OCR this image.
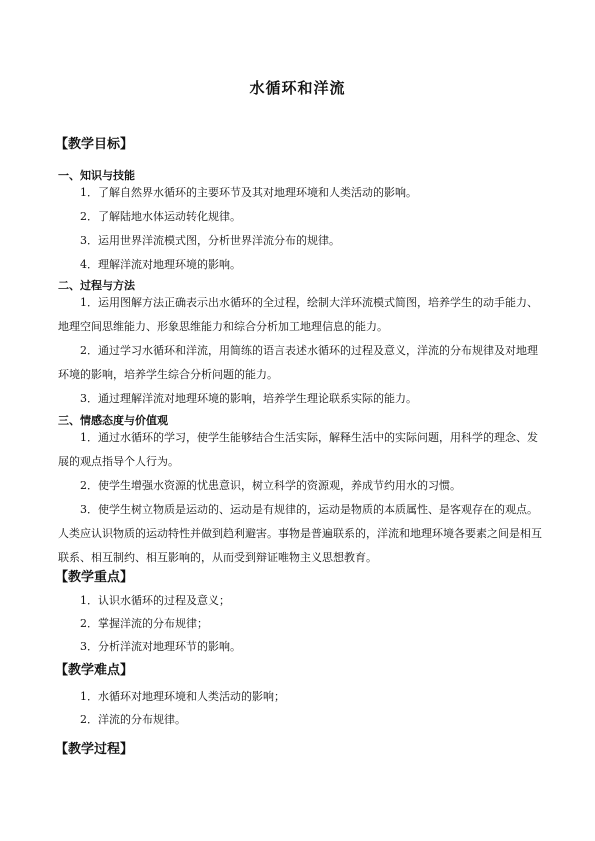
水循环和洋流
【教学目标】
一、知识与技能
1．了解自然界水循环的主要环节及其对地理环境和人类活动的影响。
2．了解陆地水体运动转化规律。
3．运用世界洋流模式图，分析世界洋流分布的规律。
4．理解洋流对地理环境的影响。
二、过程与方法
1．运用图解方法正确表示出水循环的全过程，绘制大洋环流模式简图，培养学生的动手能力、地理空间思维能力、形象思维能力和综合分析加工地理信息的能力。
2．通过学习水循环和洋流，用简练的语言表述水循环的过程及意义，洋流的分布规律及对地理环境的影响，培养学生综合分析问题的能力。
3．通过理解洋流对地理环境的影响，培养学生理论联系实际的能力。
三、情感态度与价值观
1．通过水循环的学习，使学生能够结合生活实际，解释生活中的实际问题，用科学的理念、发展的观点指导个人行为。
2．使学生增强水资源的忧患意识，树立科学的资源观，养成节约用水的习惯。
3．使学生树立物质是运动的、运动是有规律的，运动是物质的本质属性、是客观存在的观点。人类应认识物质的运动特性并做到趋利避害。事物是普遍联系的，洋流和地理环境各要素之间是相互联系、相互制约、相互影响的，从而受到辩证唯物主义思想教育。
【教学重点】
1．认识水循环的过程及意义；
2．掌握洋流的分布规律；
3．分析洋流对地理环节的影响。
【教学难点】
1．水循环对地理环境和人类活动的影响；
2．洋流的分布规律。
【教学过程】
